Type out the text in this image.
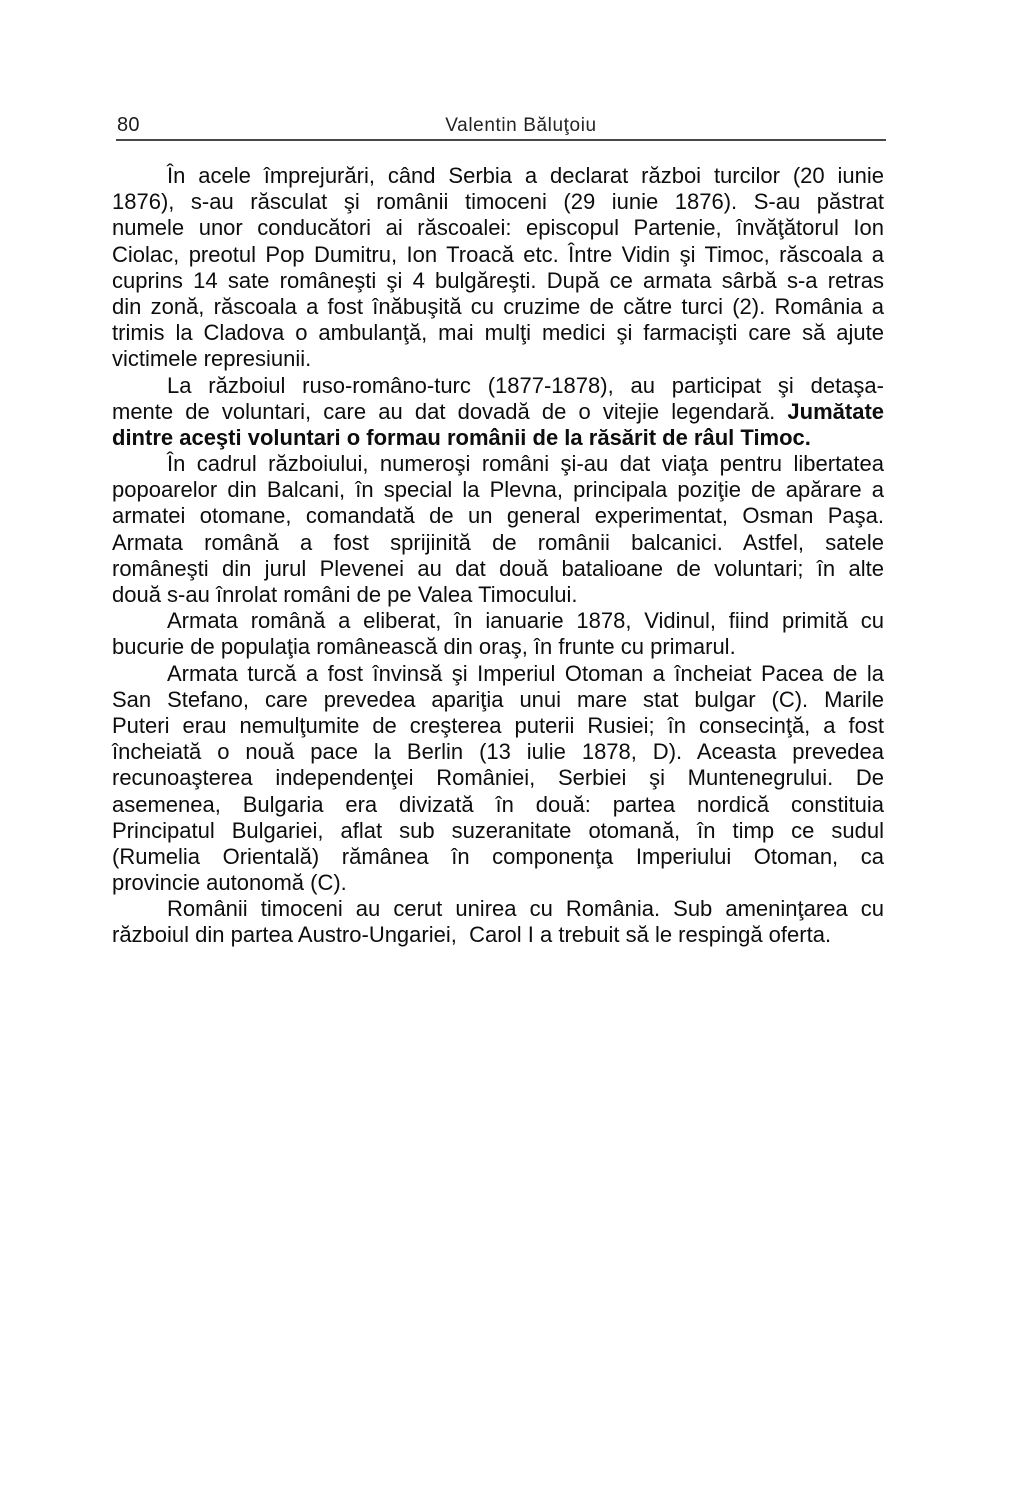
80	Valentin Băluţoiu
În acele împrejurări, când Serbia a declarat război turcilor (20 iunie
1876), s-au răsculat şi românii timoceni (29 iunie 1876). S-au păstrat
numele unor conducători ai răscoalei: episcopul Partenie, învăţătorul Ion
Ciolac, preotul Pop Dumitru, Ion Troacă etc. Între Vidin şi Timoc, răscoala a
cuprins 14 sate româneşti şi 4 bulgăreşti. După ce armata sârbă s-a retras
din zonă, răscoala a fost înăbuşită cu cruzime de către turci (2). România a
trimis la Cladova o ambulanţă, mai mulţi medici şi farmacişti care să ajute
victimele represiunii.
La războiul ruso-româno-turc (1877-1878), au participat şi detaşa-
mente de voluntari, care au dat dovadă de o vitejie legendară. Jumătate
dintre aceşti voluntari o formau românii de la răsărit de râul Timoc.
În cadrul războiului, numeroşi români şi-au dat viaţa pentru libertatea
popoarelor din Balcani, în special la Plevna, principala poziţie de apărare a
armatei otomane, comandată de un general experimentat, Osman Paşa.
Armata română a fost sprijinită de românii balcanici. Astfel, satele
româneşti din jurul Plevenei au dat două batalioane de voluntari; în alte
două s-au înrolat români de pe Valea Timocului.
Armata română a eliberat, în ianuarie 1878, Vidinul, fiind primită cu
bucurie de populaţia românească din oraş, în frunte cu primarul.
Armata turcă a fost învinsă şi Imperiul Otoman a încheiat Pacea de la
San Stefano, care prevedea apariţia unui mare stat bulgar (C). Marile
Puteri erau nemulţumite de creşterea puterii Rusiei; în consecinţă, a fost
încheiată o nouă pace la Berlin (13 iulie 1878, D). Aceasta prevedea
recunoaşterea independenţei României, Serbiei şi Muntenegrului. De
asemenea, Bulgaria era divizată în două: partea nordică constituia
Principatul Bulgariei, aflat sub suzeranitate otomană, în timp ce sudul
(Rumelia Orientală) rămânea în componenţa Imperiului Otoman, ca
provincie autonomă (C).
Românii timoceni au cerut unirea cu România. Sub ameninţarea cu
războiul din partea Austro-Ungariei,  Carol I a trebuit să le respingă oferta.
